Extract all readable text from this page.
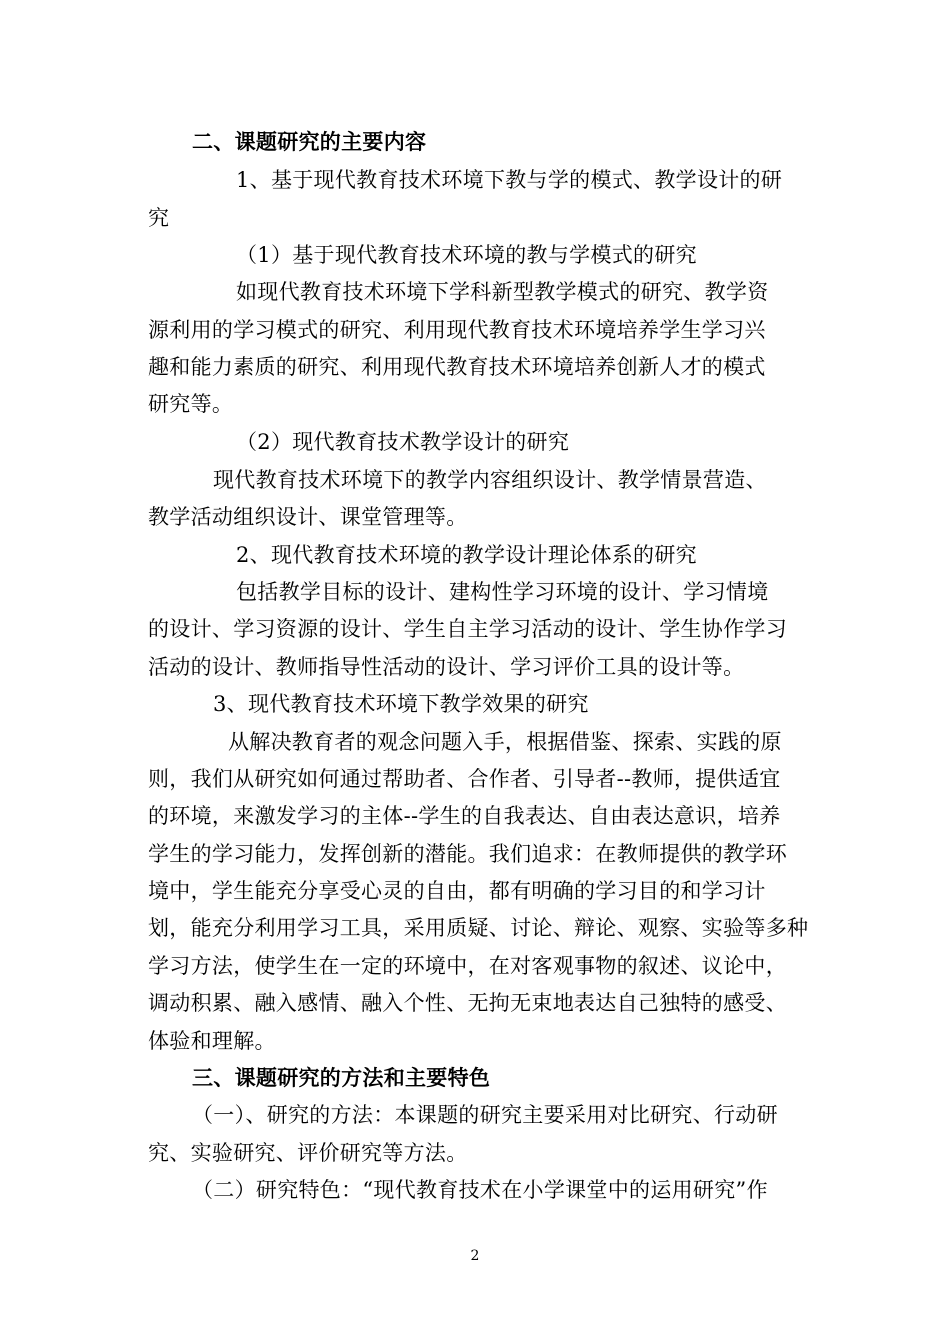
二、课题研究的主要内容
1、基于现代教育技术环境下教与学的模式、教学设计的研
究
（1）基于现代教育技术环境的教与学模式的研究
如现代教育技术环境下学科新型教学模式的研究、教学资
源利用的学习模式的研究、利用现代教育技术环境培养学生学习兴
趣和能力素质的研究、利用现代教育技术环境培养创新人才的模式
研究等。
（2）现代教育技术教学设计的研究
现代教育技术环境下的教学内容组织设计、教学情景营造、
教学活动组织设计、课堂管理等。
2、现代教育技术环境的教学设计理论体系的研究
包括教学目标的设计、建构性学习环境的设计、学习情境
的设计、学习资源的设计、学生自主学习活动的设计、学生协作学习
活动的设计、教师指导性活动的设计、学习评价工具的设计等。
3、现代教育技术环境下教学效果的研究
从解决教育者的观念问题入手，根据借鉴、探索、实践的原
则，我们从研究如何通过帮助者、合作者、引导者--教师，提供适宜
的环境，来激发学习的主体--学生的自我表达、自由表达意识，培养
学生的学习能力，发挥创新的潜能。我们追求：在教师提供的教学环
境中，学生能充分享受心灵的自由，都有明确的学习目的和学习计
划，能充分利用学习工具，采用质疑、讨论、辩论、观察、实验等多种
学习方法，使学生在一定的环境中，在对客观事物的叙述、议论中，
调动积累、融入感情、融入个性、无拘无束地表达自己独特的感受、
体验和理解。
三、课题研究的方法和主要特色
（一）、研究的方法：本课题的研究主要采用对比研究、行动研
究、实验研究、评价研究等方法。
（二）研究特色：“现代教育技术在小学课堂中的运用研究”作
2
